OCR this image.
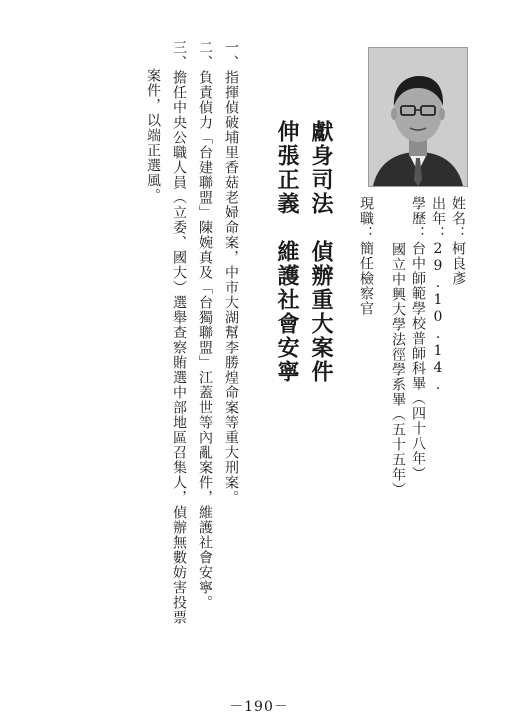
姓名：柯良彥
出年：29.10.14.
學歷：台中師範學校普師科畢（四十八年）
國立中興大學法徑學系畢（五十五年）
現職：簡任檢察官
獻身司法　偵辦重大案件
伸張正義　維護社會安寧
一、指揮偵破埔里香菇老婦命案，中市大湖幫李勝煌命案等重大刑案。
二、負責偵力「台建聯盟」陳婉真及「台獨聯盟」江蓋世等內亂案件，維護社會安寧。
三、擔任中央公職人員（立委、國大）選舉查察賄選中部地區召集人，偵辦無數妨害投票
案件，以端正選風。
－190－
